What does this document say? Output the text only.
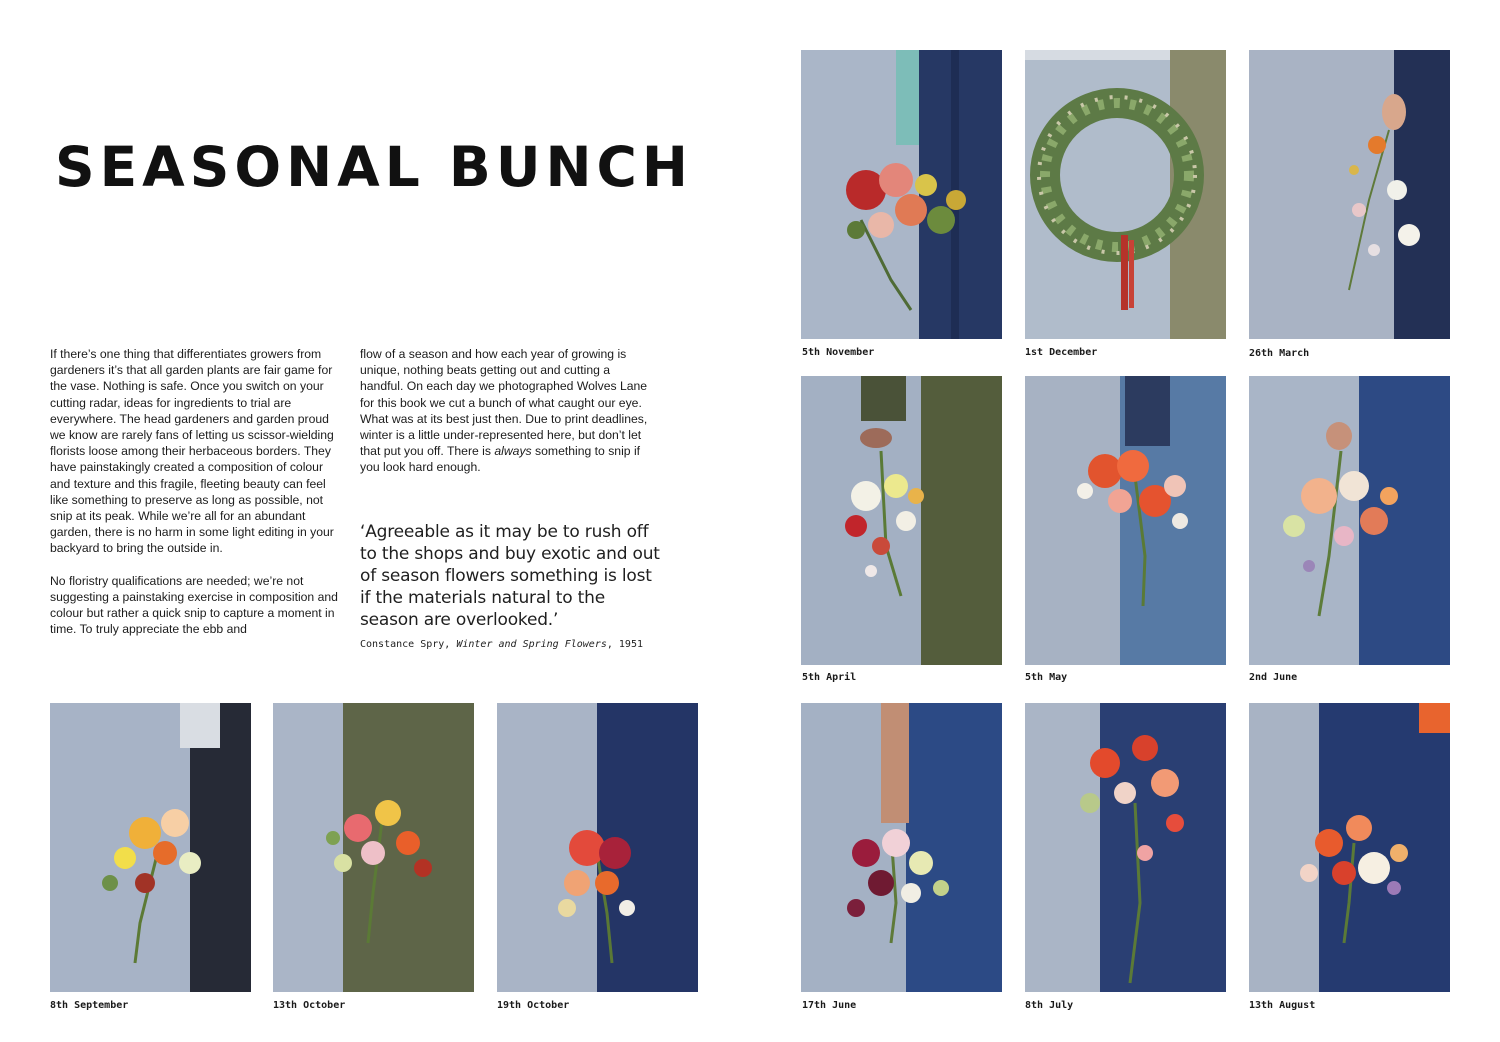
SEASONAL BUNCH

If there’s one thing that differentiates growers from gardeners it’s that all garden plants are fair game for the vase. Nothing is safe. Once you switch on your cutting radar, ideas for ingredients to trial are everywhere. The head gardeners and garden proud we know are rarely fans of letting us scissor-wielding florists loose among their herbaceous borders. They have painstakingly created a composition of colour and texture and this fragile, fleeting beauty can feel like something to preserve as long as possible, not snip at its peak. While we’re all for an abundant garden, there is no harm in some light editing in your backyard to bring the outside in.

No floristry qualifications are needed; we’re not suggesting a painstaking exercise in composition and colour but rather a quick snip to capture a moment in time. To truly appreciate the ebb and

flow of a season and how each year of growing is unique, nothing beats getting out and cutting a handful. On each day we photographed Wolves Lane for this book we cut a bunch of what caught our eye. What was at its best just then. Due to print deadlines, winter is a little under-represented here, but don’t let that put you off. There is always something to snip if you look hard enough.

‘Agreeable as it may be to rush off to the shops and buy exotic and out of season flowers something is lost if the materials natural to the season are overlooked.’
Constance Spry, Winter and Spring Flowers, 1951
5th November	1st December	26th March
5th April	5th May	2nd June
17th June	8th July	13th August
8th September	13th October	19th October
